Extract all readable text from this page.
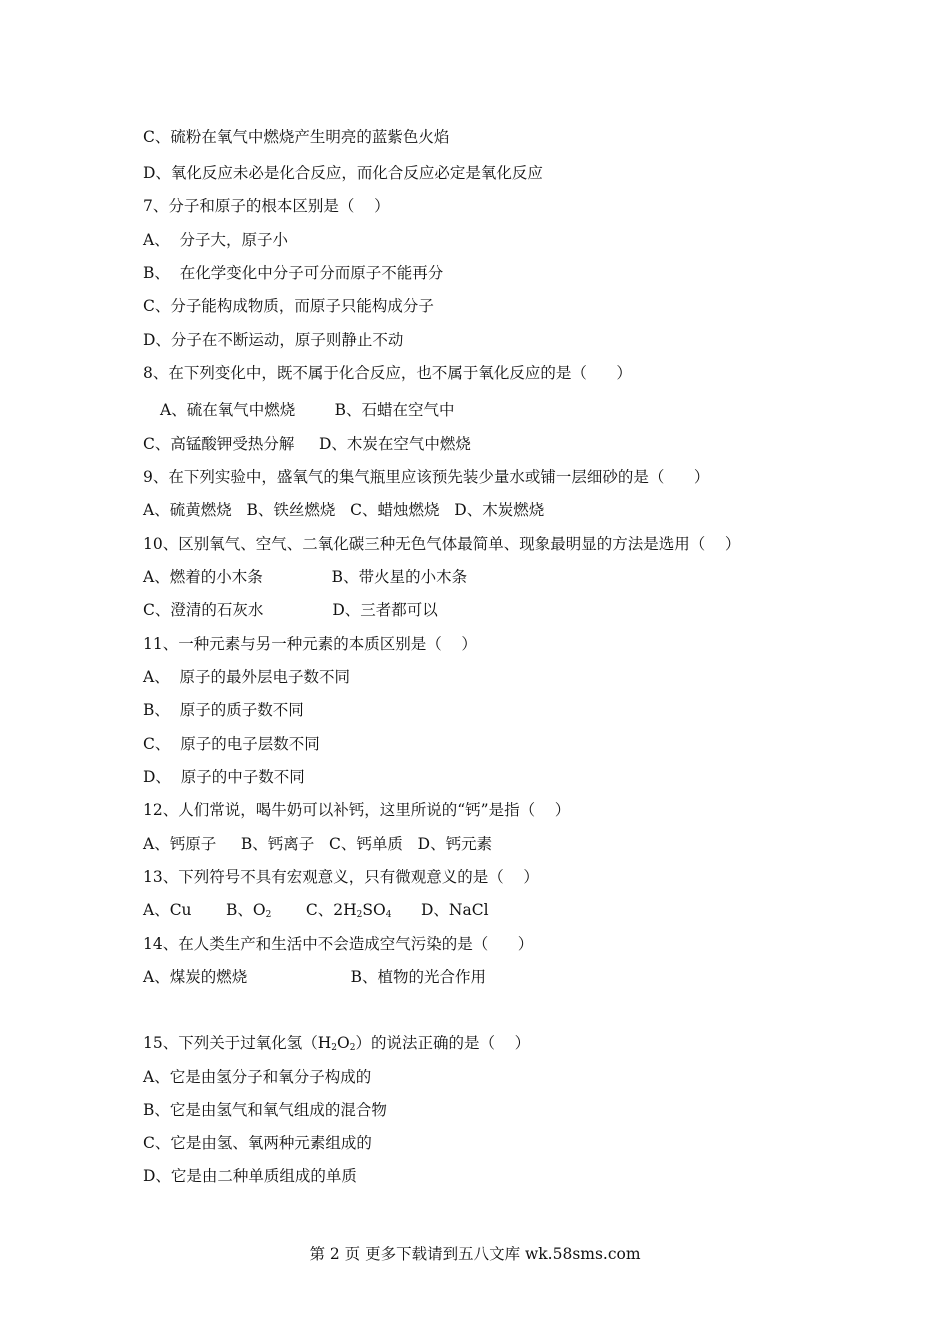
C、硫粉在氧气中燃烧产生明亮的蓝紫色火焰
D、氧化反应未必是化合反应，而化合反应必定是氧化反应
7、分子和原子的根本区别是（    ）
A、  分子大，原子小
B、  在化学变化中分子可分而原子不能再分
C、分子能构成物质，而原子只能构成分子
D、分子在不断运动，原子则静止不动
8、在下列变化中，既不属于化合反应，也不属于氧化反应的是（      ）
A、硫在氧气中燃烧        B、石蜡在空气中
C、高锰酸钾受热分解     D、木炭在空气中燃烧
9、在下列实验中，盛氧气的集气瓶里应该预先装少量水或铺一层细砂的是（      ）
A、硫黄燃烧   B、铁丝燃烧   C、蜡烛燃烧   D、木炭燃烧
10、区别氧气、空气、二氧化碳三种无色气体最简单、现象最明显的方法是选用（    ）
A、燃着的小木条              B、带火星的小木条
C、澄清的石灰水              D、三者都可以
11、一种元素与另一种元素的本质区别是（    ）
A、  原子的最外层电子数不同
B、  原子的质子数不同
C、  原子的电子层数不同
D、  原子的中子数不同
12、人们常说，喝牛奶可以补钙，这里所说的“钙”是指（    ）
A、钙原子     B、钙离子   C、钙单质   D、钙元素
13、下列符号不具有宏观意义，只有微观意义的是（    ）
A、Cu B、$O_2$ C、$2H_2SO_4$ D、NaCl
14、在人类生产和生活中不会造成空气污染的是（      ）
A、煤炭的燃烧                     B、植物的光合作用
15、下列关于过氧化氢$(H_2O_2)$的说法正确的是（    ）
A、它是由氢分子和氧分子构成的
B、它是由氢气和氧气组成的混合物
C、它是由氢、氧两种元素组成的
D、它是由二种单质组成的单质
第 2 页 更多下载请到五八文库 wk.58sms.com
